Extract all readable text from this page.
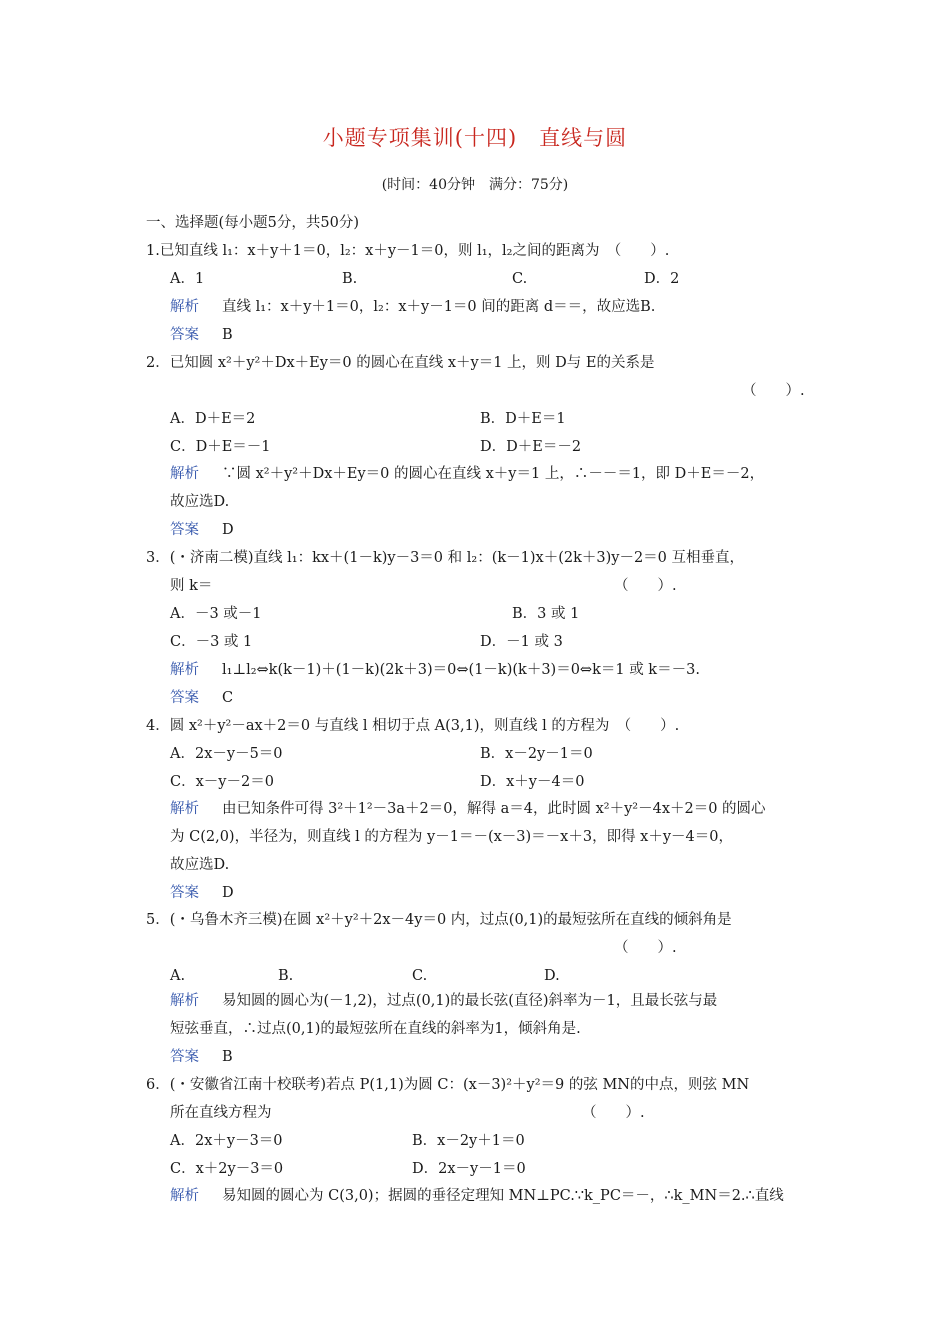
小题专项集训(十四)　直线与圆
(时间：40分钟　满分：75分)
一、选择题(每小题5分，共50分)
1.已知直线 l₁：x＋y＋1＝0，l₂：x＋y－1＝0，则 l₁，l₂之间的距离为　（　　）.
A．1	B.	C.	D．2
解析 直线 l₁：x＋y＋1＝0，l₂：x＋y－1＝0 间的距离 d＝＝，故应选B.
答案 B
2．已知圆 x²＋y²＋Dx＋Ey＝0 的圆心在直线 x＋y＝1 上，则 D与 E的关系是
（　　）.
A．D＋E＝2	B．D＋E＝1
C．D＋E＝－1	D．D＋E＝－2
解析 ∵圆 x²＋y²＋Dx＋Ey＝0 的圆心在直线 x＋y＝1 上，∴－－＝1，即 D＋E＝－2，
故应选D.
答案 D
3．(・济南二模)直线 l₁：kx＋(1－k)y－3＝0 和 l₂：(k－1)x＋(2k＋3)y－2＝0 互相垂直，
则 k＝	（　　）.
A．－3 或－1	B．3 或 1
C．－3 或 1	D．－1 或 3
解析 l₁⊥l₂⇔k(k－1)＋(1－k)(2k＋3)＝0⇔(1－k)(k＋3)＝0⇔k＝1 或 k＝－3.
答案 C
4．圆 x²＋y²－ax＋2＝0 与直线 l 相切于点 A(3,1)，则直线 l 的方程为　（　　）.
A．2x－y－5＝0	B．x－2y－1＝0
C．x－y－2＝0	D．x＋y－4＝0
解析 由已知条件可得 3²＋1²－3a＋2＝0，解得 a＝4，此时圆 x²＋y²－4x＋2＝0 的圆心
为 C(2,0)，半径为，则直线 l 的方程为 y－1＝－(x－3)＝－x＋3，即得 x＋y－4＝0，
故应选D.
答案 D
5．(・乌鲁木齐三模)在圆 x²＋y²＋2x－4y＝0 内，过点(0,1)的最短弦所在直线的倾斜角是
（　　）.
A.	B.	C.	D.
解析 易知圆的圆心为(－1,2)，过点(0,1)的最长弦(直径)斜率为－1，且最长弦与最
短弦垂直，∴过点(0,1)的最短弦所在直线的斜率为1，倾斜角是.
答案 B
6．(・安徽省江南十校联考)若点 P(1,1)为圆 C：(x－3)²＋y²＝9 的弦 MN的中点，则弦 MN
所在直线方程为	（　　）.
A．2x＋y－3＝0	B．x－2y＋1＝0
C．x＋2y－3＝0	D．2x－y－1＝0
解析 易知圆的圆心为 C(3,0)；据圆的垂径定理知 MN⊥PC.∵k_PC＝－，∴k_MN＝2.∴直线
